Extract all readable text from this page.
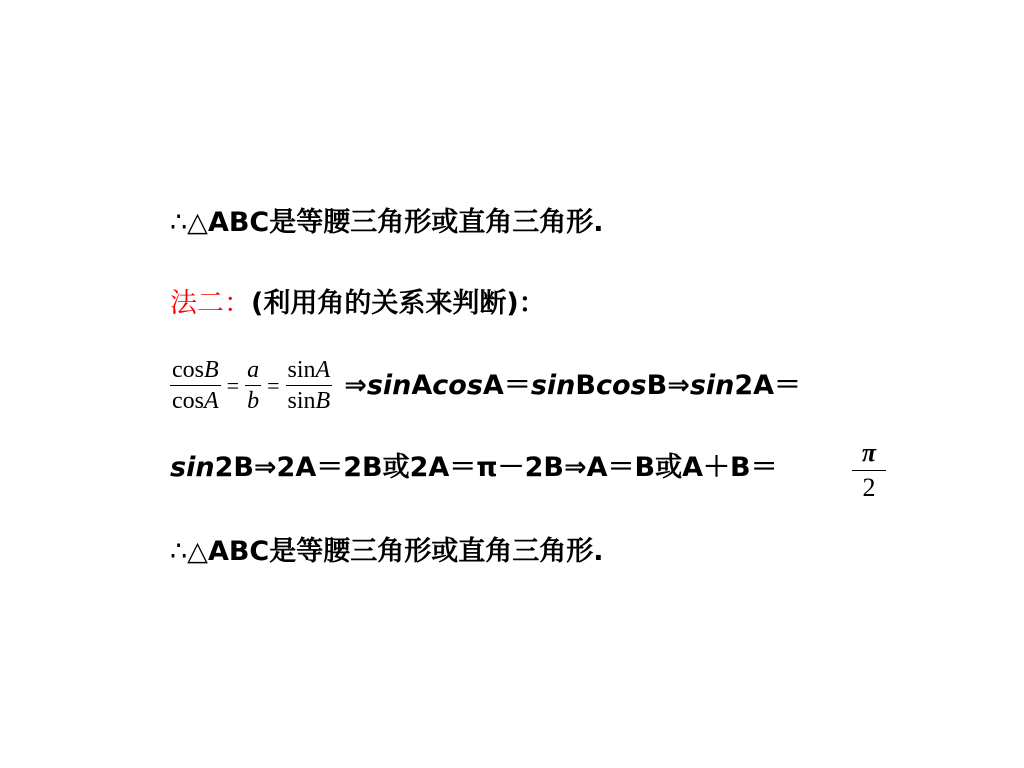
∴△ABC是等腰三角形或直角三角形.
法二：(利用角的关系来判断)：
$\frac{\cos B}{\cos A} = \frac{a}{b} = \frac{\sin A}{\sin B}$ ⇒sinAcosA＝sinBcosB⇒sin2A＝
sin2B⇒2A＝2B或2A＝π－2B⇒A＝B或A＋B＝	$\frac{\pi}{2}$
∴△ABC是等腰三角形或直角三角形.
